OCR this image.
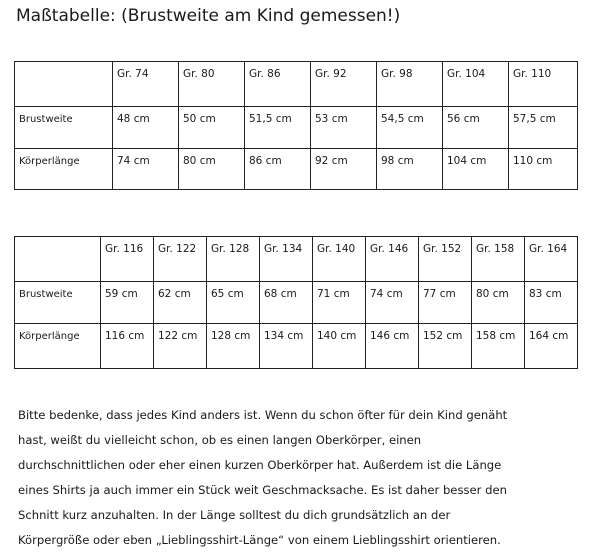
Maßtabelle: (Brustweite am Kind gemessen!)
	Gr. 74	Gr. 80	Gr. 86	Gr. 92	Gr. 98	Gr. 104	Gr. 110
Brustweite	48 cm	50 cm	51,5 cm	53 cm	54,5 cm	56 cm	57,5 cm
Körperlänge	74 cm	80 cm	86 cm	92 cm	98 cm	104 cm	110 cm
	Gr. 116	Gr. 122	Gr. 128	Gr. 134	Gr. 140	Gr. 146	Gr. 152	Gr. 158	Gr. 164
Brustweite	59 cm	62 cm	65 cm	68 cm	71 cm	74 cm	77 cm	80 cm	83 cm
Körperlänge	116 cm	122 cm	128 cm	134 cm	140 cm	146 cm	152 cm	158 cm	164 cm

Bitte bedenke, dass jedes Kind anders ist. Wenn du schon öfter für dein Kind genäht
hast, weißt du vielleicht schon, ob es einen langen Oberkörper, einen
durchschnittlichen oder eher einen kurzen Oberkörper hat. Außerdem ist die Länge
eines Shirts ja auch immer ein Stück weit Geschmacksache. Es ist daher besser den
Schnitt kurz anzuhalten. In der Länge solltest du dich grundsätzlich an der
Körpergröße oder eben „Lieblingsshirt-Länge“ von einem Lieblingsshirt orientieren.
